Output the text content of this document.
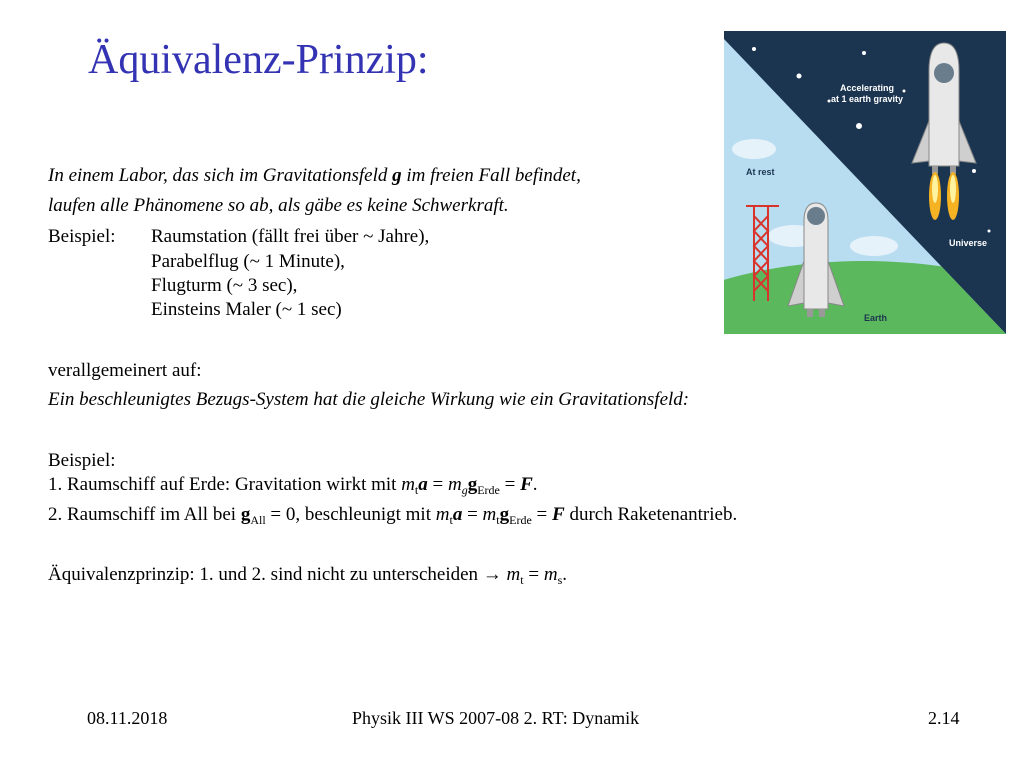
Äquivalenz-Prinzip:
In einem Labor, das sich im Gravitationsfeld g im freien Fall befindet,
laufen alle Phänomene so ab, als gäbe es keine Schwerkraft.
Beispiel: Raumstation (fällt frei über ~ Jahre),
Parabelflug (~ 1 Minute),
Flugturm (~ 3 sec),
Einsteins Maler (~ 1 sec)
verallgemeinert auf:
Ein beschleunigtes Bezugs-System hat die gleiche Wirkung wie ein Gravitationsfeld:
Beispiel:
1. Raumschiff auf Erde: Gravitation wirkt mit $m_ta = m_gg_{Erde} = F$.
2. Raumschiff im All bei $g_{All} = 0$, beschleunigt mit $m_ta = m_tg_{Erde} = F$ durch Raketenantrieb.
Äquivalenzprinzip: 1. und 2. sind nicht zu unterscheiden → $m_t = m_s$.
Accelerating
at 1 earth gravity
At rest
Universe
Earth
08.11.2018	Physik III WS 2007-08 2. RT: Dynamik	2.14
